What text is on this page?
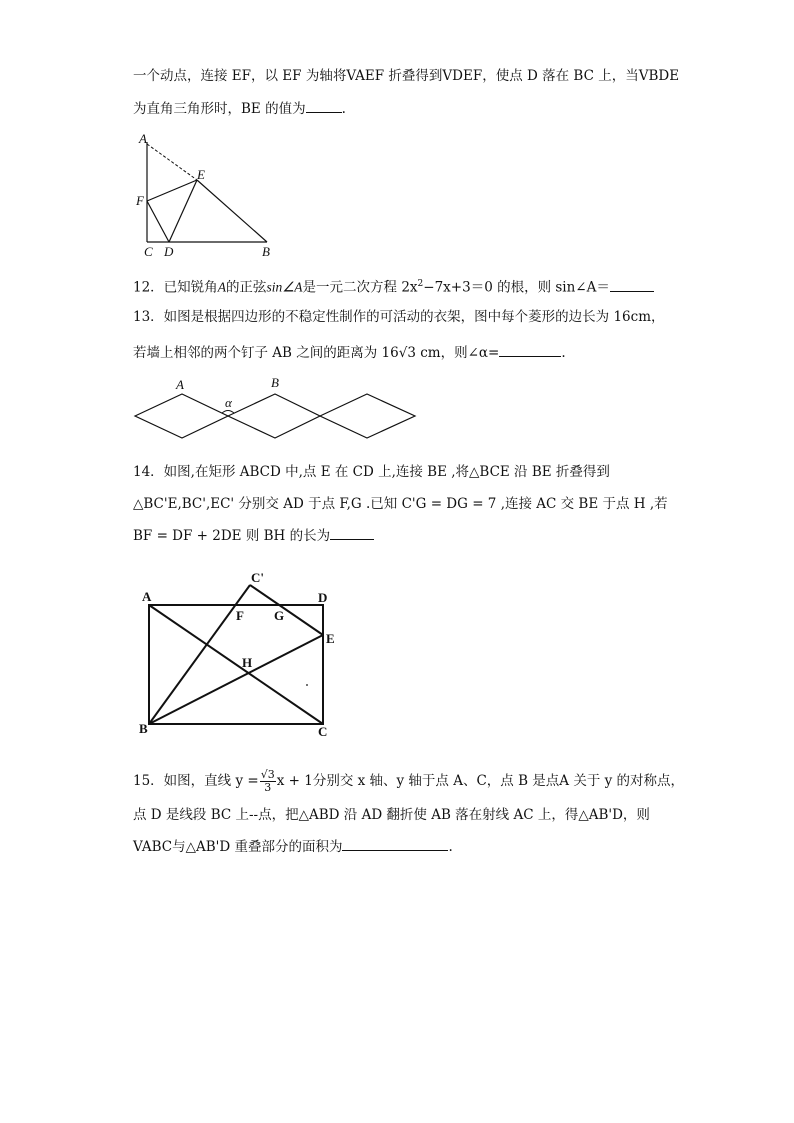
一个动点，连接 EF，以 EF 为轴将VAEF 折叠得到VDEF，使点 D 落在 BC 上，当VBDE
为直角三角形时，BE 的值为	.
A
E
F
C D	B
12．已知锐角A的正弦sin∠A是一元二次方程 $2x^2-7x+3=0$ 的根，则 sin∠A＝
13．如图是根据四边形的不稳定性制作的可活动的衣架，图中每个菱形的边长为 16cm，
若墙上相邻的两个钉子 AB 之间的距离为 16√3 cm，则∠α=	.
A	B
α
14．如图,在矩形 ABCD 中,点 E 在 CD 上,连接 BE ,将△BCE 沿 BE 折叠得到
△BC'E,BC',EC' 分别交 AD 于点 F,G .已知 C'G = DG = 7 ,连接 AC 交 BE 于点 H ,若
BF = DF + 2DE 则 BH 的长为
A	D
C'
F G
E
H
B	C
15．如图，直线 $y = \frac{√3}{3}$ x + 1分别交 x 轴、y 轴于点 A、C，点 B 是点A 关于 y 的对称点，
点 D 是线段 BC 上--点，把△ABD 沿 AD 翻折使 AB 落在射线 AC 上，得△AB'D，则
VABC与△AB'D 重叠部分的面积为	.
